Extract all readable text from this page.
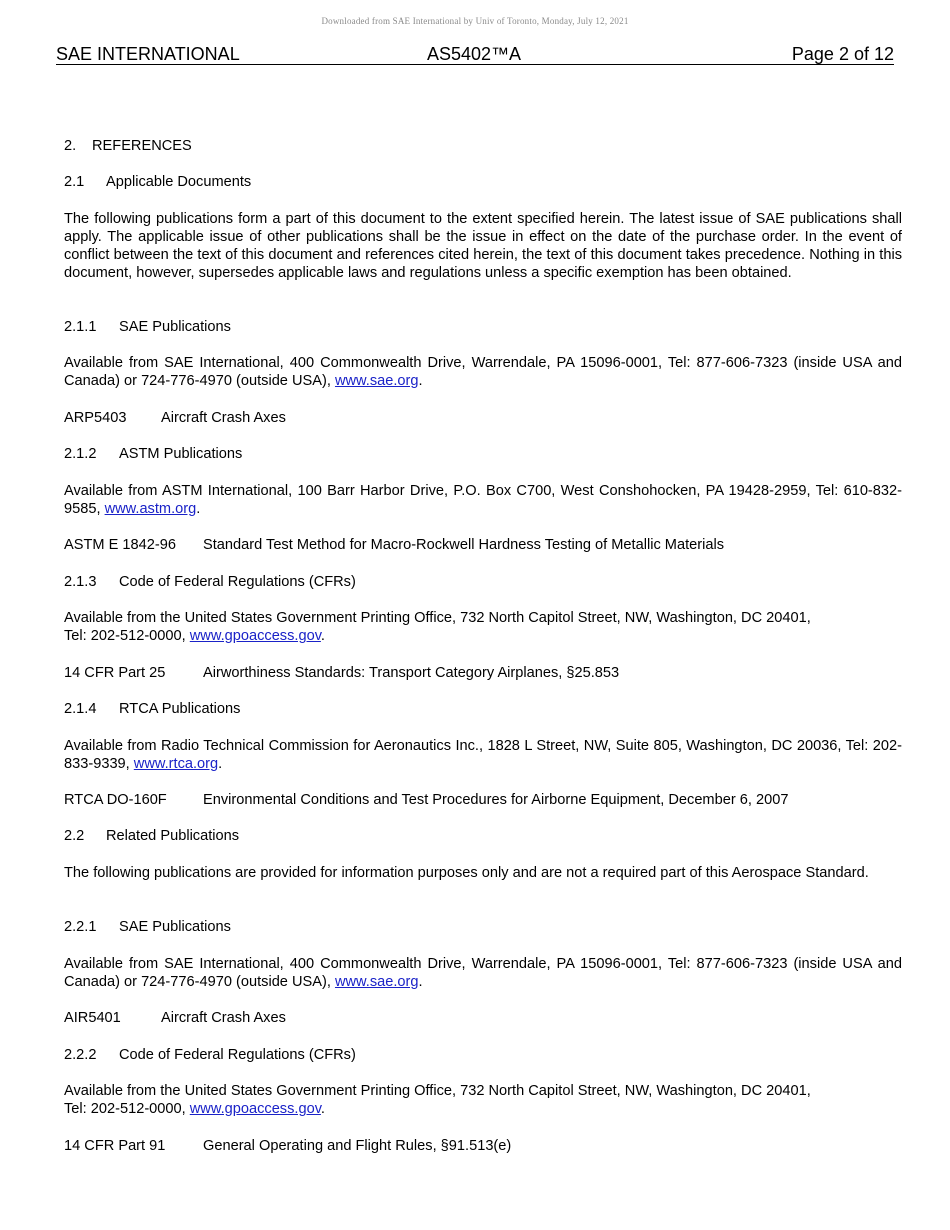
Downloaded from SAE International by Univ of Toronto, Monday, July 12, 2021
SAE INTERNATIONAL	AS5402™A	Page 2 of 12
2. REFERENCES
2.1 Applicable Documents
The following publications form a part of this document to the extent specified herein. The latest issue of SAE publications shall apply. The applicable issue of other publications shall be the issue in effect on the date of the purchase order. In the event of conflict between the text of this document and references cited herein, the text of this document takes precedence. Nothing in this document, however, supersedes applicable laws and regulations unless a specific exemption has been obtained.
2.1.1 SAE Publications
Available from SAE International, 400 Commonwealth Drive, Warrendale, PA 15096-0001, Tel: 877-606-7323 (inside USA and Canada) or 724-776-4970 (outside USA), www.sae.org.
ARP5403 Aircraft Crash Axes
2.1.2 ASTM Publications
Available from ASTM International, 100 Barr Harbor Drive, P.O. Box C700, West Conshohocken, PA 19428-2959, Tel: 610-832-9585, www.astm.org.
ASTM E 1842-96 Standard Test Method for Macro-Rockwell Hardness Testing of Metallic Materials
2.1.3 Code of Federal Regulations (CFRs)
Available from the United States Government Printing Office, 732 North Capitol Street, NW, Washington, DC 20401,
Tel: 202-512-0000, www.gpoaccess.gov.
14 CFR Part 25	Airworthiness Standards: Transport Category Airplanes, §25.853
2.1.4 RTCA Publications
Available from Radio Technical Commission for Aeronautics Inc., 1828 L Street, NW, Suite 805, Washington, DC 20036, Tel: 202-833-9339, www.rtca.org.
RTCA DO-160F Environmental Conditions and Test Procedures for Airborne Equipment, December 6, 2007
2.2 Related Publications
The following publications are provided for information purposes only and are not a required part of this Aerospace Standard.
2.2.1 SAE Publications
Available from SAE International, 400 Commonwealth Drive, Warrendale, PA 15096-0001, Tel: 877-606-7323 (inside USA and Canada) or 724-776-4970 (outside USA), www.sae.org.
AIR5401	Aircraft Crash Axes
2.2.2 Code of Federal Regulations (CFRs)
Available from the United States Government Printing Office, 732 North Capitol Street, NW, Washington, DC 20401,
Tel: 202-512-0000, www.gpoaccess.gov.
14 CFR Part 91	General Operating and Flight Rules, §91.513(e)
